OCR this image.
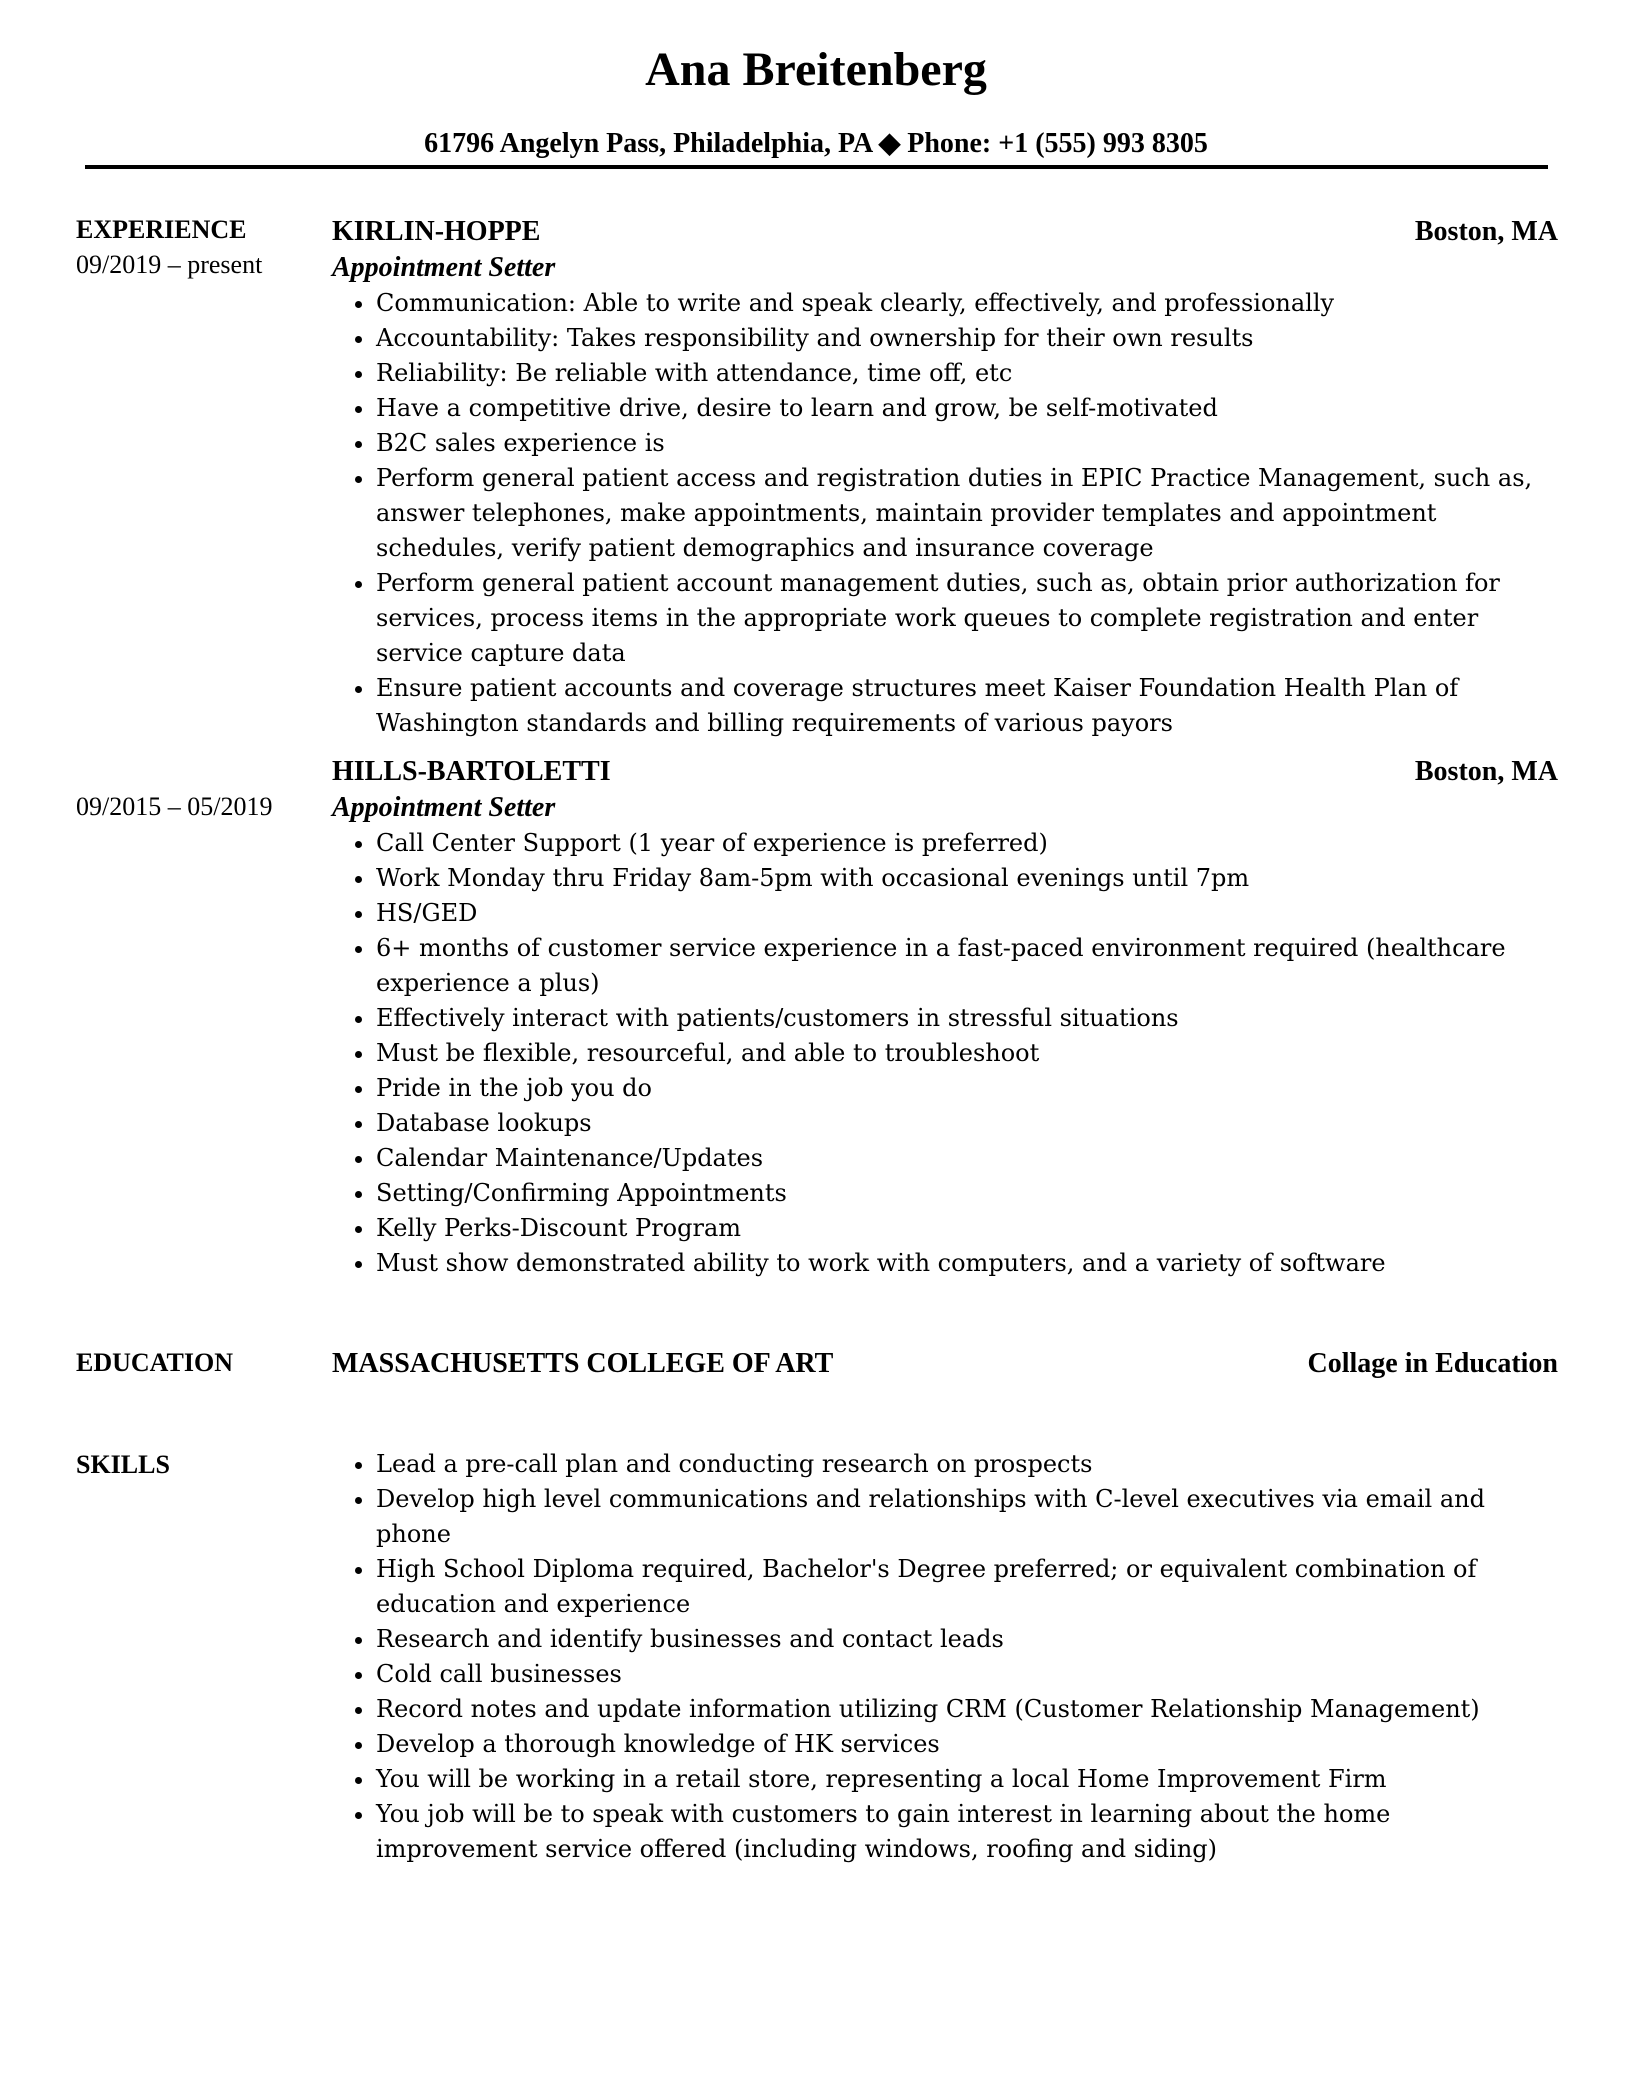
Ana Breitenberg
61796 Angelyn Pass, Philadelphia, PA ◆ Phone: +1 (555) 993 8305
EXPERIENCE
09/2019 – present
KIRLIN-HOPPE	Boston, MA
Appointment Setter
• Communication: Able to write and speak clearly, effectively, and professionally
• Accountability: Takes responsibility and ownership for their own results
• Reliability: Be reliable with attendance, time off, etc
• Have a competitive drive, desire to learn and grow, be self-motivated
• B2C sales experience is
• Perform general patient access and registration duties in EPIC Practice Management, such as, answer telephones, make appointments, maintain provider templates and appointment schedules, verify patient demographics and insurance coverage
• Perform general patient account management duties, such as, obtain prior authorization for services, process items in the appropriate work queues to complete registration and enter service capture data
• Ensure patient accounts and coverage structures meet Kaiser Foundation Health Plan of Washington standards and billing requirements of various payors
09/2015 – 05/2019
HILLS-BARTOLETTI	Boston, MA
Appointment Setter
• Call Center Support (1 year of experience is preferred)
• Work Monday thru Friday 8am-5pm with occasional evenings until 7pm
• HS/GED
• 6+ months of customer service experience in a fast-paced environment required (healthcare experience a plus)
• Effectively interact with patients/customers in stressful situations
• Must be flexible, resourceful, and able to troubleshoot
• Pride in the job you do
• Database lookups
• Calendar Maintenance/Updates
• Setting/Confirming Appointments
• Kelly Perks-Discount Program
• Must show demonstrated ability to work with computers, and a variety of software
EDUCATION	MASSACHUSETTS COLLEGE OF ART	Collage in Education
SKILLS
•	Lead a pre-call plan and conducting research on prospects
• Develop high level communications and relationships with C-level executives via email and phone
• High School Diploma required, Bachelor's Degree preferred; or equivalent combination of education and experience
• Research and identify businesses and contact leads
• Cold call businesses
• Record notes and update information utilizing CRM (Customer Relationship Management)
• Develop a thorough knowledge of HK services
• You will be working in a retail store, representing a local Home Improvement Firm
• You job will be to speak with customers to gain interest in learning about the home improvement service offered (including windows, roofing and siding)
